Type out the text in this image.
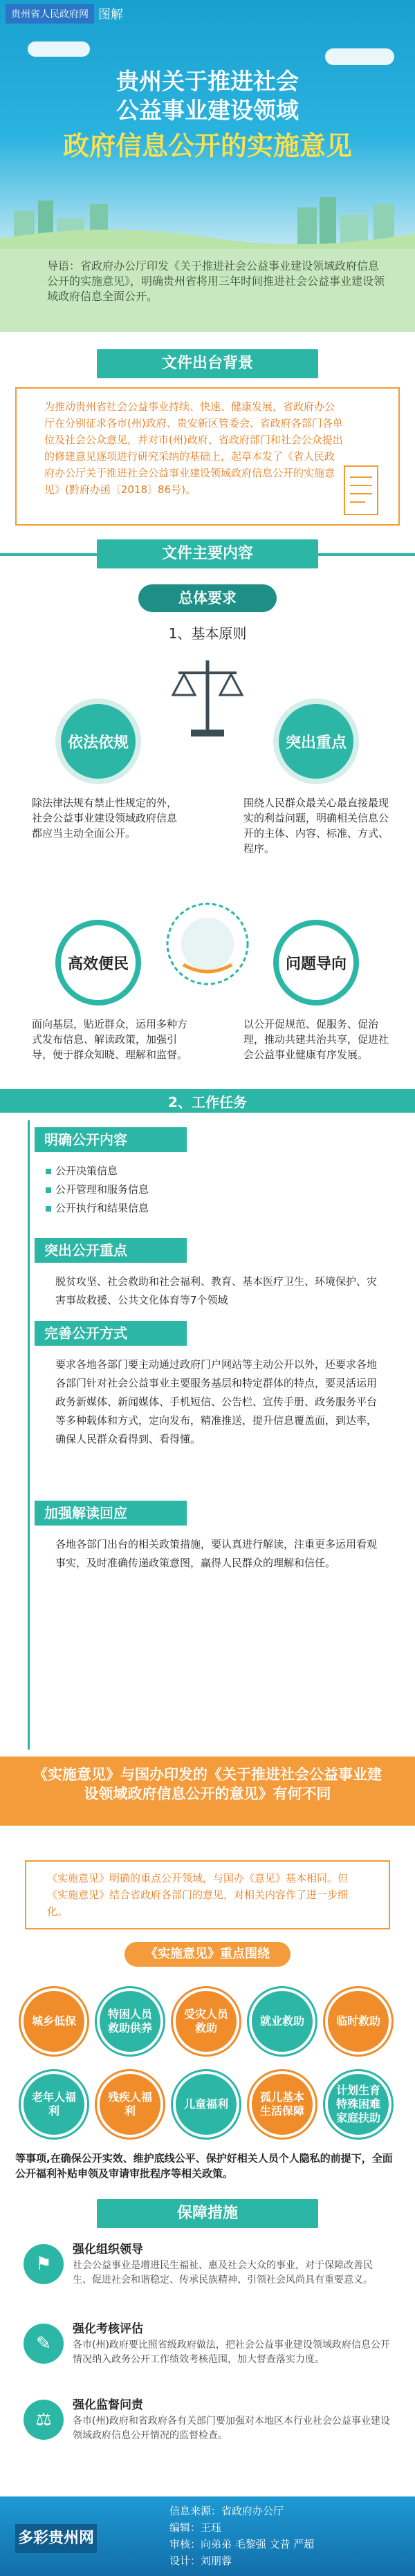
贵州省人民政府网 图解
贵州关于推进社会
公益事业建设领域
政府信息公开的实施意见

导语：省政府办公厅印发《关于推进社会公益事业建设领域政府信息公开的实施意见》，明确贵州省将用三年时间推进社会公益事业建设领域政府信息全面公开。

文件出台背景

为推动贵州省社会公益事业持续、快速、健康发展，省政府办公厅在分别征求各市(州)政府、贵安新区管委会、省政府各部门各单位及社会公众意见，并对市(州)政府、省政府部门和社会公众提出的修建意见逐项进行研究采纳的基础上，起草本发了《省人民政府办公厅关于推进社会公益事业建设领域政府信息公开的实施意见》(黔府办函〔2018〕86号)。

文件主要内容
总体要求
1、基本原则
依法依规	突出重点
除法律法规有禁止性规定的外，社会公益事业建设领域政府信息都应当主动全面公开。
围绕人民群众最关心最直接最现实的利益问题，明确相关信息公开的主体、内容、标准、方式、程序。
高效便民	问题导向
面向基层，贴近群众，运用多种方式发布信息、解读政策，加强引导，便于群众知晓、理解和监督。
以公开促规范、促服务、促治理，推动共建共治共享，促进社会公益事业健康有序发展。
2、工作任务
明确公开内容
公开决策信息
公开管理和服务信息
公开执行和结果信息
突出公开重点
脱贫攻坚、社会救助和社会福利、教育、基本医疗卫生、环境保护、灾害事故救援、公共文化体育等7个领域
完善公开方式
要求各地各部门要主动通过政府门户网站等主动公开以外，还要求各地各部门针对社会公益事业主要服务基层和特定群体的特点，要灵活运用政务新媒体、新闻媒体、手机短信、公告栏、宣传手册、政务服务平台等多种载体和方式，定向发布，精准推送，提升信息覆盖面，到达率，确保人民群众看得到、看得懂。
加强解读回应
各地各部门出台的相关政策措施，要认真进行解读，注重更多运用看观事实，及时准确传递政策意图，赢得人民群众的理解和信任。
《实施意见》与国办印发的《关于推进社会公益事业建设领域政府信息公开的意见》有何不同

《实施意见》明确的重点公开领域，与国办《意见》基本相同。但《实施意见》结合省政府各部门的意见，对相关内容作了进一步细化。

《实施意见》重点围绕
城乡低保
特困人员救助供养
受灾人员救助
就业救助	临时救助
老年人福利
残疾人福利
儿童福利
孤儿基本生活保障
计划生育特殊困难家庭扶助
等事项,在确保公开实效、维护底线公平、保护好相关人员个人隐私的前提下，全面公开福利补贴申领及审请审批程序等相关政策。
保障措施
⚑
强化组织领导
社会公益事业是增进民生福祉、惠及社会大众的事业，对于保障改善民生、促进社会和谐稳定、传承民族精神、引领社会风尚具有重要意义。
✎
强化考核评估
各市(州)政府要比照省级政府做法，把社会公益事业建设领域政府信息公开情况纳入政务公开工作绩效考核范围，加大督查落实力度。
⚖
强化监督问责
各市(州)政府和省政府各有关部门要加强对本地区本行业社会公益事业建设领域政府信息公开情况的监督检查。
多彩贵州网
信息来源：省政府办公厅
编辑：王珏
审核：向弟弟 毛黎强 文昔 严超
设计：刘朋蓉
